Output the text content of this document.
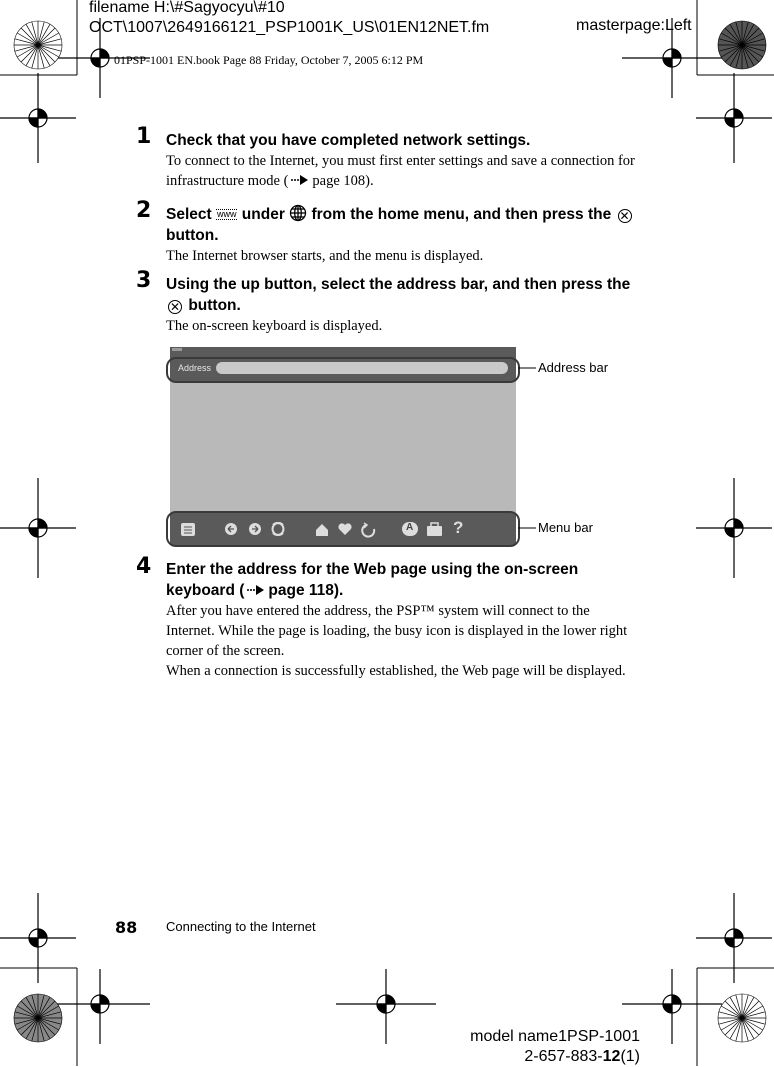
filename H:\#Sagyocyu\#10
OCT\1007\2649166121_PSP1001K_US\01EN12NET.fm	masterpage:Left
01PSP-1001 EN.book Page 88 Friday, October 7, 2005 6:12 PM
1 Check that you have completed network settings.
To connect to the Internet, you must first enter settings and save a connection for infrastructure mode ( page 108).
2 Select www under from the home menu, and then press the ✕ button.
The Internet browser starts, and the menu is displayed.
3 Using the up button, select the address bar, and then press the ✕ button.
The on-screen keyboard is displayed.
Address
A ?
Address bar
Menu bar
4 Enter the address for the Web page using the on-screen keyboard ( page 118).
After you have entered the address, the PSP™ system will connect to the Internet. While the page is loading, the busy icon is displayed in the lower right corner of the screen.
When a connection is successfully established, the Web page will be displayed.
88 Connecting to the Internet
model name1PSP-1001
2-657-883-12(1)
